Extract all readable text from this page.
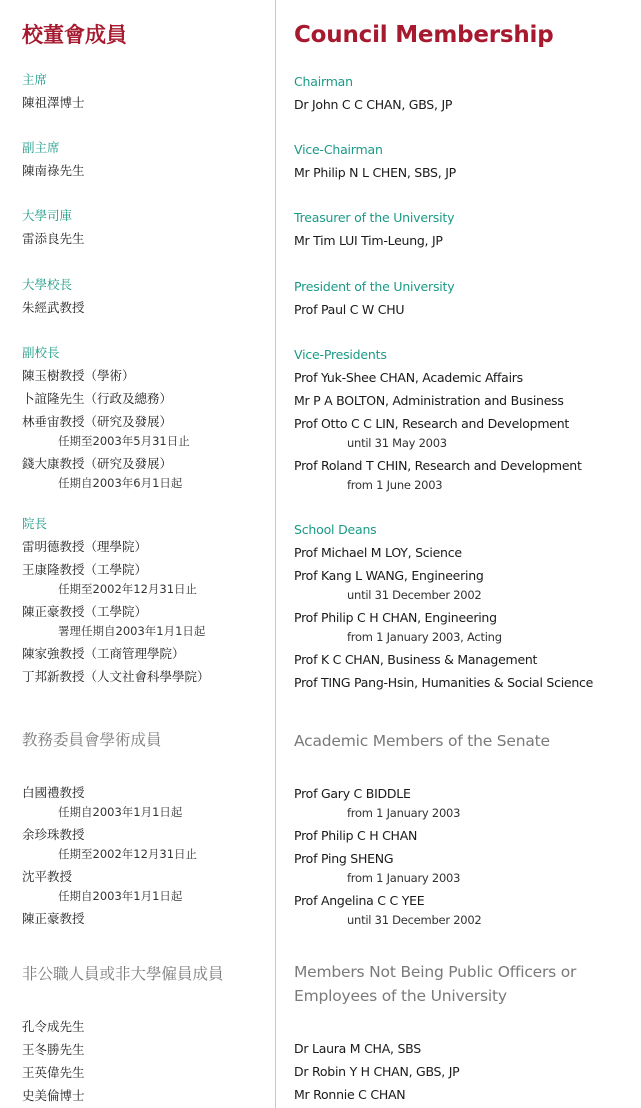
校董會成員

主席

陳祖澤博士

副主席

陳南祿先生

大學司庫

雷添良先生

大學校長

朱經武教授

副校長

陳玉樹教授（學術）

卜誼隆先生（行政及總務）

林垂宙教授（研究及發展）
任期至2003年5月31日止

錢大康教授（研究及發展）
任期自2003年6月1日起

院長

雷明德教授（理學院）

王康隆教授（工學院）
任期至2002年12月31日止

陳正豪教授（工學院）
署理任期自2003年1月1日起

陳家強教授（工商管理學院）

丁邦新教授（人文社會科學學院）

教務委員會學術成員

白國禮教授
任期自2003年1月1日起

余珍珠教授
任期至2002年12月31日止

沈平教授
任期自2003年1月1日起

陳正豪教授

非公職人員或非大學僱員成員

孔令成先生

王冬勝先生

王英偉先生

史美倫博士

Council Membership

Chairman

Dr John C C CHAN, GBS, JP

Vice-Chairman

Mr Philip N L CHEN, SBS, JP

Treasurer of the University

Mr Tim LUI Tim-Leung, JP

President of the University

Prof Paul C W CHU

Vice-Presidents

Prof Yuk-Shee CHAN, Academic Affairs

Mr P A BOLTON, Administration and Business

Prof Otto C C LIN, Research and Development
until 31 May 2003

Prof Roland T CHIN, Research and Development
from 1 June 2003

School Deans

Prof Michael M LOY, Science

Prof Kang L WANG, Engineering
until 31 December 2002

Prof Philip C H CHAN, Engineering
from 1 January 2003, Acting

Prof K C CHAN, Business & Management

Prof TING Pang-Hsin, Humanities & Social Science

Academic Members of the Senate

Prof Gary C BIDDLE
from 1 January 2003

Prof Philip C H CHAN

Prof Ping SHENG
from 1 January 2003

Prof Angelina C C YEE
until 31 December 2002

Members Not Being Public Officers or Employees of the University

Dr Laura M CHA, SBS

Dr Robin Y H CHAN, GBS, JP

Mr Ronnie C CHAN
